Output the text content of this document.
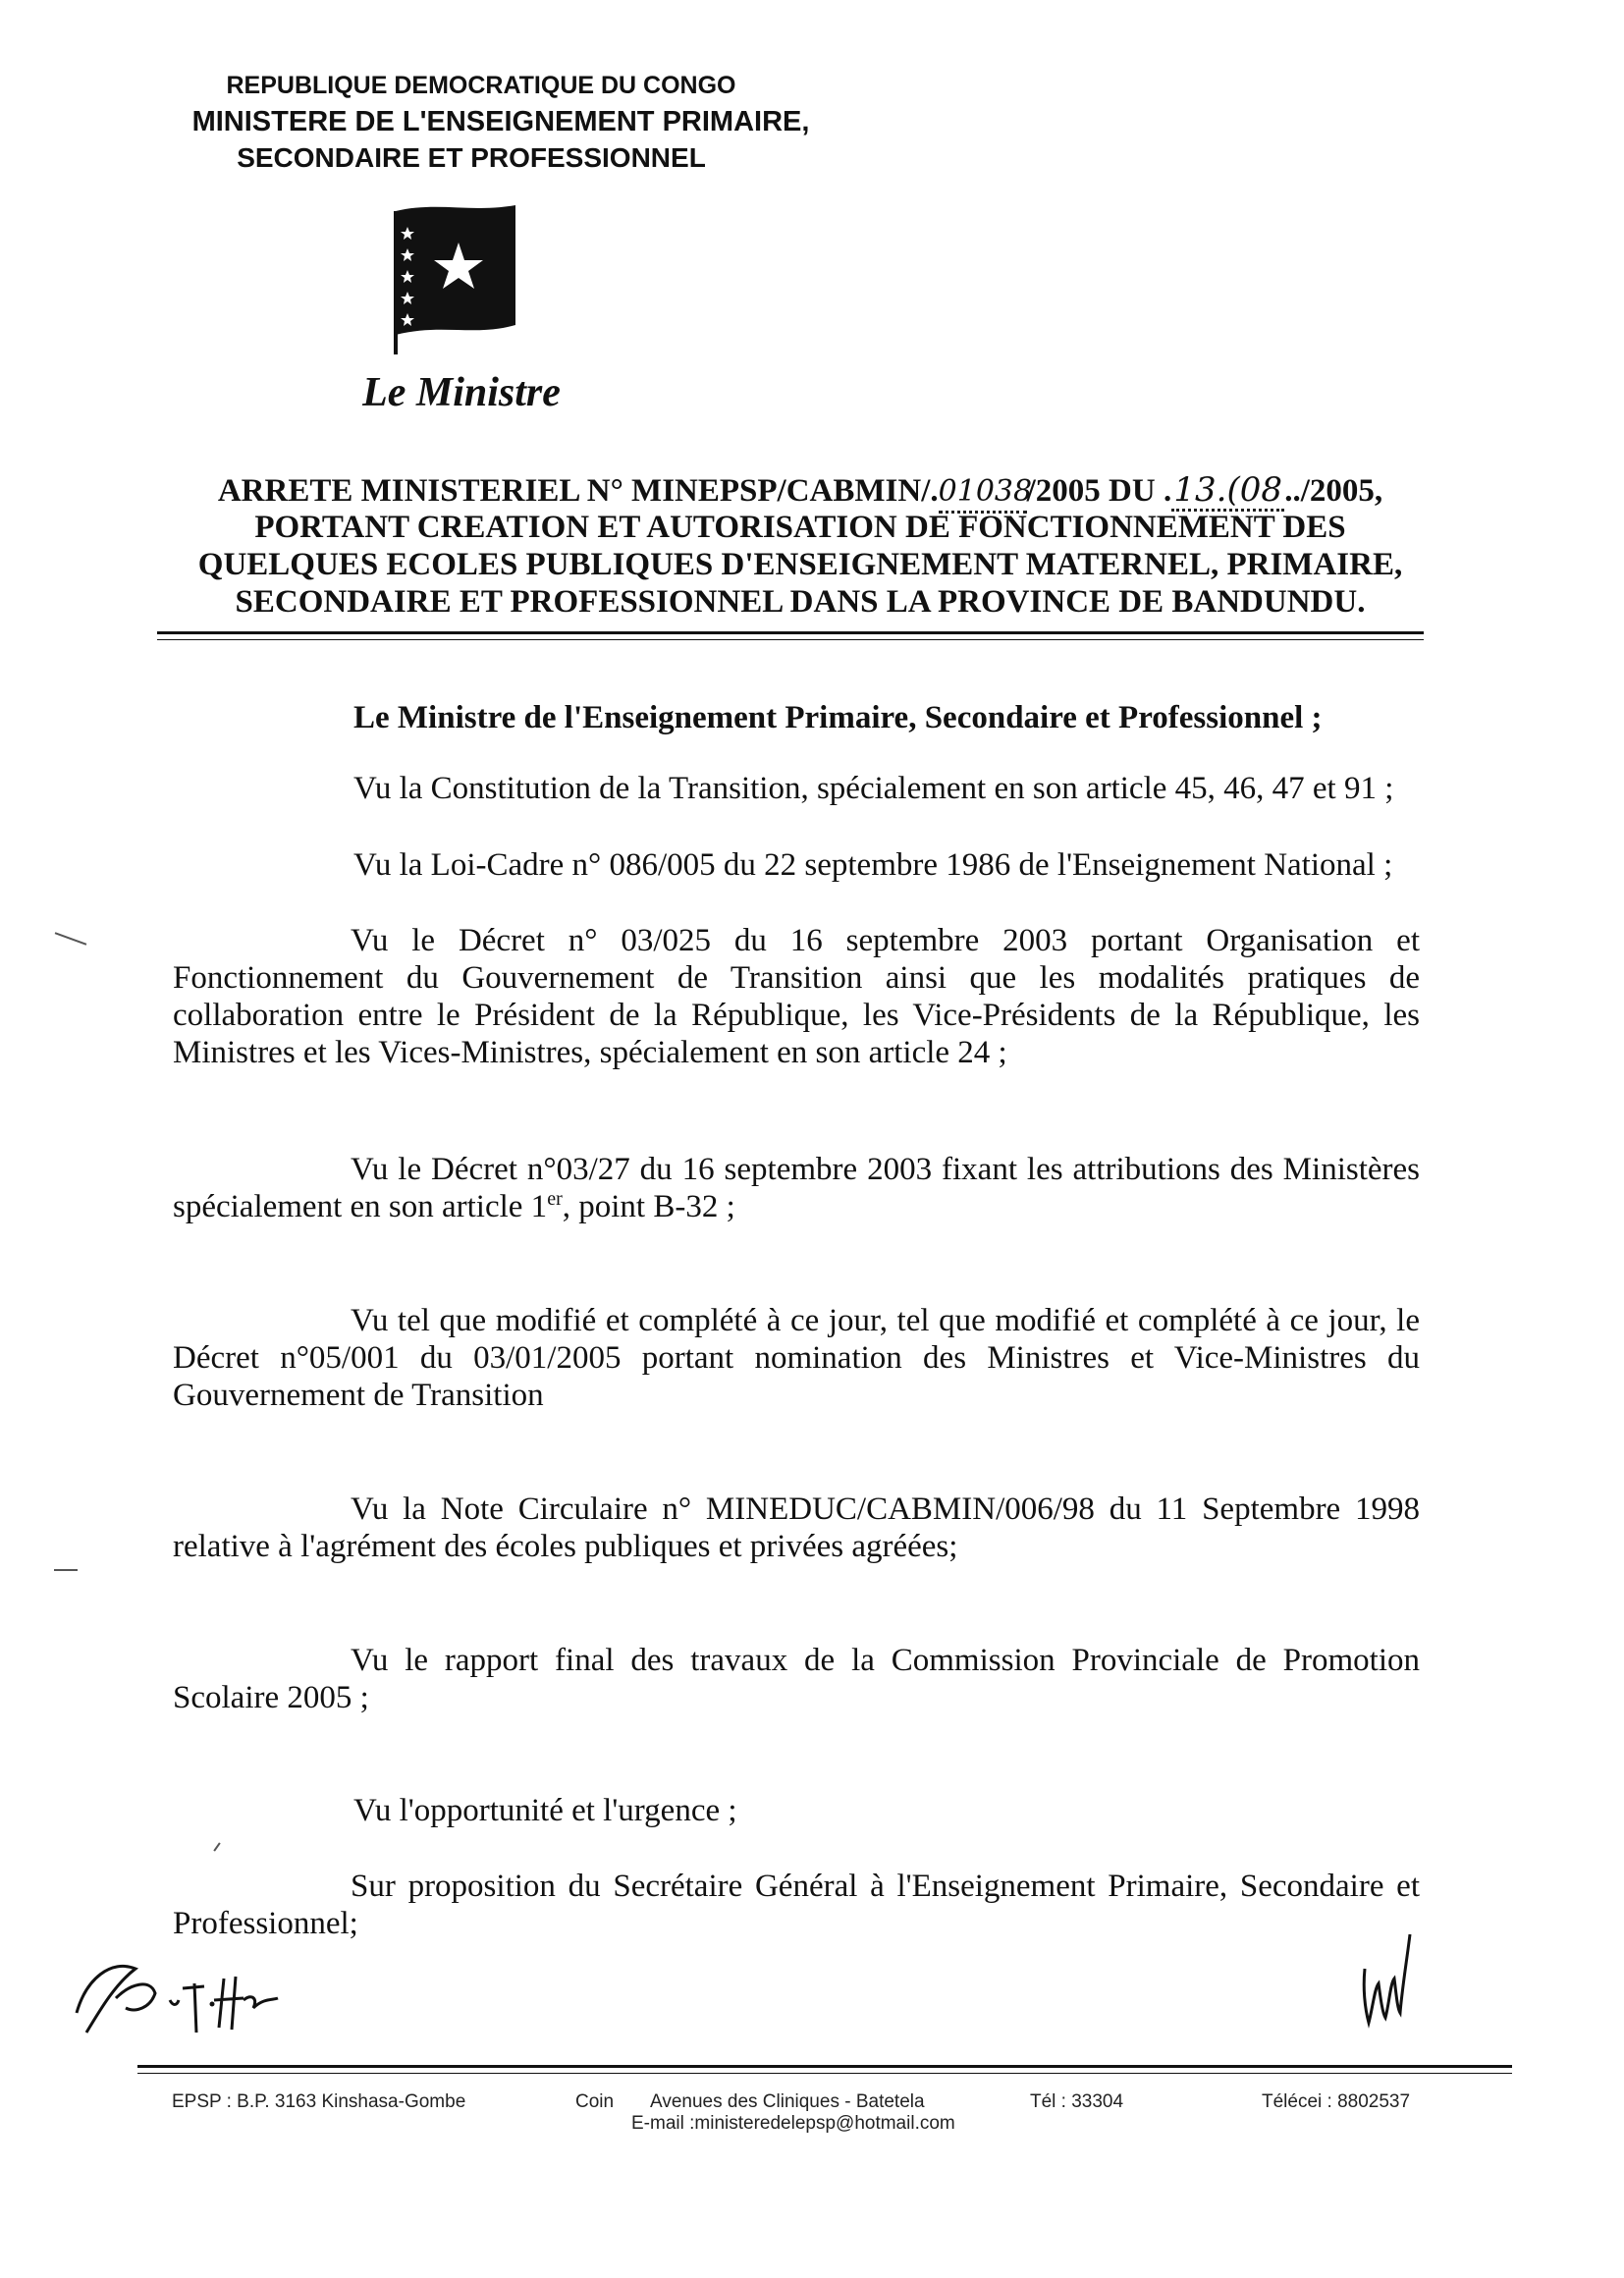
REPUBLIQUE DEMOCRATIQUE DU CONGO
MINISTERE DE L'ENSEIGNEMENT PRIMAIRE,
SECONDAIRE ET PROFESSIONNEL
Le Ministre
ARRETE MINISTERIEL N° MINEPSP/CABMIN/.01038/2005 DU .13.(08../2005,
PORTANT CREATION ET AUTORISATION DE FONCTIONNEMENT DES
QUELQUES ECOLES PUBLIQUES D'ENSEIGNEMENT MATERNEL, PRIMAIRE,
SECONDAIRE ET PROFESSIONNEL DANS LA PROVINCE DE BANDUNDU.
Le Ministre de l'Enseignement Primaire, Secondaire et Professionnel ;
Vu la Constitution de la Transition, spécialement en son article 45, 46, 47 et 91 ;
Vu la Loi-Cadre n° 086/005 du 22 septembre 1986 de l'Enseignement National ;
Vu le Décret n° 03/025 du 16 septembre 2003 portant Organisation et Fonctionnement du Gouvernement de Transition ainsi que les modalités pratiques de collaboration entre le Président de la République, les Vice-Présidents de la République, les Ministres et les Vices-Ministres, spécialement en son article 24 ;
Vu le Décret n°03/27 du 16 septembre 2003 fixant les attributions des Ministères spécialement en son article 1er, point B-32 ;
Vu tel que modifié et complété à ce jour, tel que modifié et complété à ce jour, le Décret n°05/001 du 03/01/2005 portant nomination des Ministres et Vice-Ministres du Gouvernement de Transition
Vu la Note Circulaire n° MINEDUC/CABMIN/006/98 du 11 Septembre 1998 relative à l'agrément des écoles publiques et privées agréées;
Vu le rapport final des travaux de la Commission Provinciale de Promotion Scolaire 2005 ;
Vu l'opportunité et l'urgence ;
Sur proposition du Secrétaire Général à l'Enseignement Primaire, Secondaire et Professionnel;
EPSP : B.P. 3163 Kinshasa-Gombe	Coin Avenues des Cliniques - Batetela
E-mail :ministeredelepsp@hotmail.com
Tél : 33304	Télécei : 8802537
